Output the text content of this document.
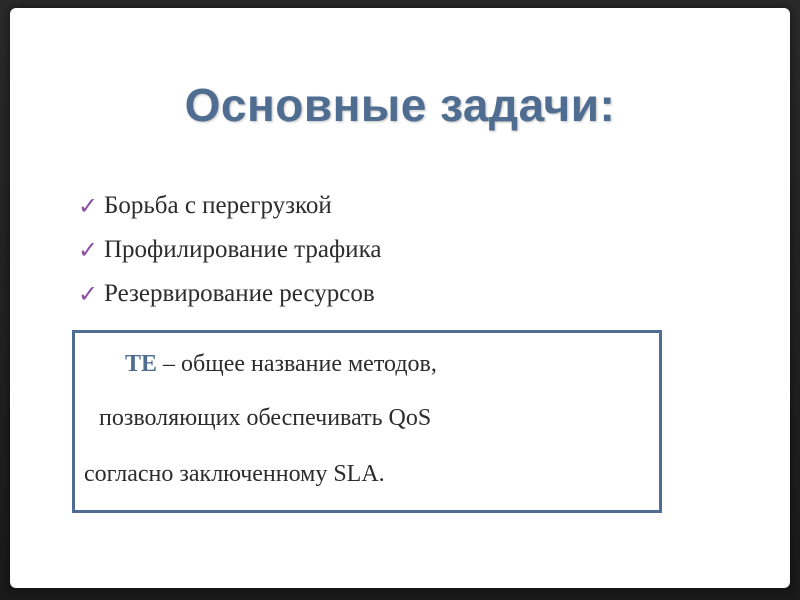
Основные задачи:
✓ Борьба с перегрузкой
✓ Профилирование трафика
✓ Резервирование ресурсов
TE – общее название методов,
позволяющих обеспечивать QoS
согласно заключенному SLA.
